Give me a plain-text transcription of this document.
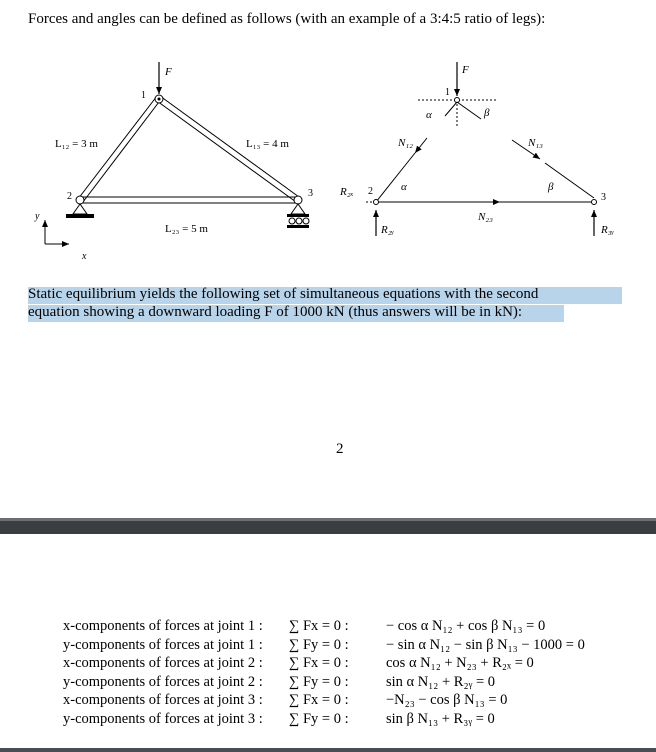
Forces and angles can be defined as follows (with an example of a 3:4:5 ratio of legs):
F
1
2	3
L₁₂ = 3 m	L₁₃ = 4 m
L₂₃ = 5 m
y
x
F
1
α	β
N₁₂	N₁₃
N₂₃
R₂ₓ 2	α	β
3
R₂ᵧ	R₃ᵧ
Static equilibrium yields the following set of simultaneous equations with the second
equation showing a downward loading F of 1000 kN (thus answers will be in kN):
2
x-components of forces at joint 1 : ∑ Fx = 0 :	− cos α N₁₂ + cos β N₁₃ = 0
y-components of forces at joint 1 : ∑ Fy = 0 :	− sin α N₁₂ − sin β N₁₃ − 1000 = 0
x-components of forces at joint 2 : ∑ Fx = 0 :	cos α N₁₂ + N₂₃ + R₂ₓ = 0
y-components of forces at joint 2 : ∑ Fy = 0 :	sin α N₁₂ + R₂ᵧ = 0
x-components of forces at joint 3 : ∑ Fx = 0 :	−N₂₃ − cos β N₁₃ = 0
y-components of forces at joint 3 : ∑ Fy = 0 :	sin β N₁₃ + R₃ᵧ = 0
